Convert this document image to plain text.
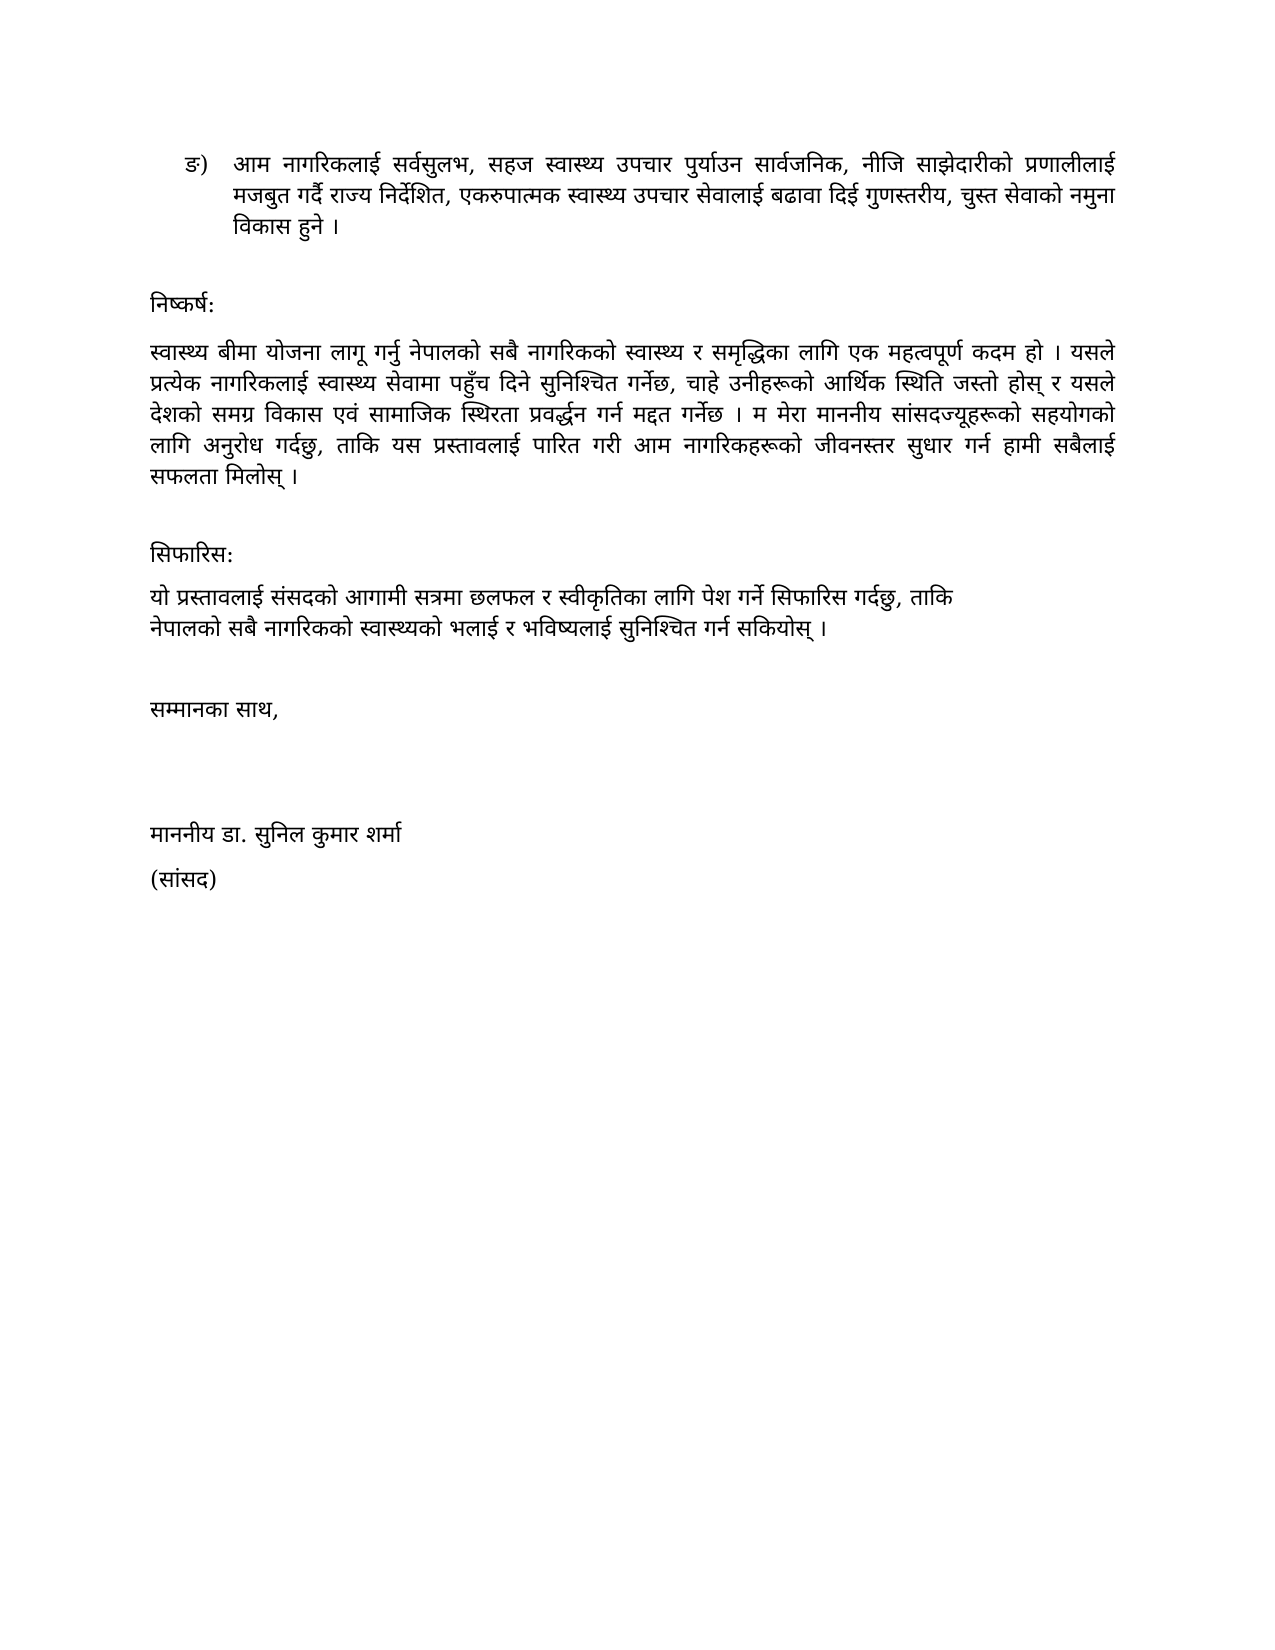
ङ)	आम नागरिकलाई सर्वसुलभ, सहज स्वास्थ्य उपचार पुर्याउन सार्वजनिक, नीजि साझेदारीको प्रणालीलाई मजबुत गर्दै राज्य निर्देशित, एकरुपात्मक स्वास्थ्य उपचार सेवालाई बढावा दिई गुणस्तरीय, चुस्त सेवाको नमुना विकास हुने ।
निष्कर्ष:
स्वास्थ्य बीमा योजना लागू गर्नु नेपालको सबै नागरिकको स्वास्थ्य र समृद्धिका लागि एक महत्वपूर्ण कदम हो । यसले प्रत्येक नागरिकलाई स्वास्थ्य सेवामा पहुँच दिने सुनिश्चित गर्नेछ, चाहे उनीहरूको आर्थिक स्थिति जस्तो होस् र यसले देशको समग्र विकास एवं सामाजिक स्थिरता प्रवर्द्धन गर्न मद्दत गर्नेछ । म मेरा माननीय सांसदज्यूहरूको सहयोगको लागि अनुरोध गर्दछु, ताकि यस प्रस्तावलाई पारित गरी आम नागरिकहरूको जीवनस्तर सुधार गर्न हामी सबैलाई सफलता मिलोस् ।
सिफारिस:
यो प्रस्तावलाई संसदको आगामी सत्रमा छलफल र स्वीकृतिका लागि पेश गर्ने सिफारिस गर्दछु, ताकि
नेपालको सबै नागरिकको स्वास्थ्यको भलाई र भविष्यलाई सुनिश्चित गर्न सकियोस् ।
सम्मानका साथ,
माननीय डा. सुनिल कुमार शर्मा
(सांसद)
